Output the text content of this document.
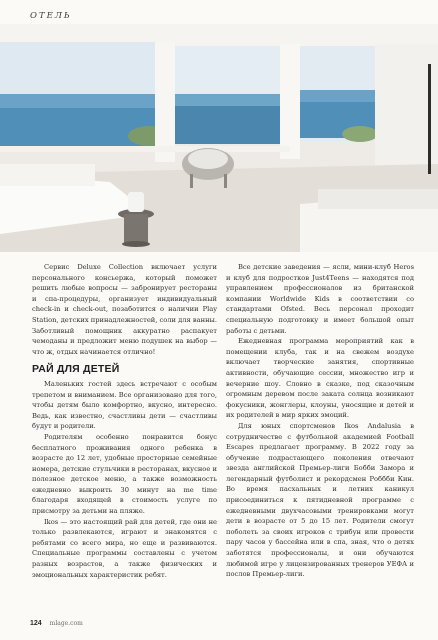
ОТЕЛЬ

Сервис Deluxe Collection включает услуги персонального консьержа, который поможет решить любые вопросы — забронирует рестораны и спа-процедуры, организует индивидуальный check-in и check-out, позаботится о наличии Play Station, детских принадлежностей, соли для ванны. Заботливый помощник аккуратно распакует чемоданы и предложит меню подушек на выбор — что ж, отдых начинается отлично!

РАЙ ДЛЯ ДЕТЕЙ

Маленьких гостей здесь встречают с особым трепетом и вниманием. Все организовано для того, чтобы детям было комфортно, вкусно, интересно. Ведь, как известно, счастливы дети — счастливы будут и родители.

Родителям особенно понравится бонус бесплатного проживания одного ребенка в возрасте до 12 лет, удобные просторные семейные номера, детские стульчики в ресторанах, вкусное и полезное детское меню, а также возможность ежедневно выкроить 30 минут на me time благодаря входящей в стоимость услуге по присмотру за детьми на пляже.

Ikos — это настоящий рай для детей, где они не только развлекаются, играют и знакомятся с ребятами со всего мира, но еще и развиваются. Специальные программы составлены с учетом разных возрастов, а также физических и эмоциональных характеристик ребят.

Все детские заведения — ясли, мини-клуб Heros и клуб для подростков Just4Teens — находятся под управлением профессионалов из британской компании Worldwide Kids в соответствии со стандартами Ofsted. Весь персонал проходит специальную подготовку и имеет большой опыт работы с детьми.

Ежедневная программа мероприятий как в помещении клуба, так и на свежем воздухе включает творческие занятия, спортивные активности, обучающие сессии, множество игр и вечерние шоу. Словно в сказке, под сказочным огромным деревом после заката солнца возникают фокусники, жонглеры, клоуны, уносящие и детей и их родителей в мир ярких эмоций.

Для юных спортсменов Ikos Andalusia в сотрудничестве с футбольной академией Football Escapes предлагает программу. В 2022 году за обучение подрастающего поколения отвечают звезда английской Премьер-лиги Бобби Замора и легендарный футболист и рекордсмен Роббби Кин. Во время пасхальных и летних каникул присоединиться к пятидневной программе с ежедневными двухчасовыми тренировками могут дети в возрасте от 5 до 15 лет. Родители смогут поболеть за своих игроков с трибун или провести пару часов у бассейна или в спа, зная, что о детях заботятся профессионалы, и они обучаются любимой игре у лицензированных тренеров УЕФА и послов Премьер-лиги.

124 mlage.com
